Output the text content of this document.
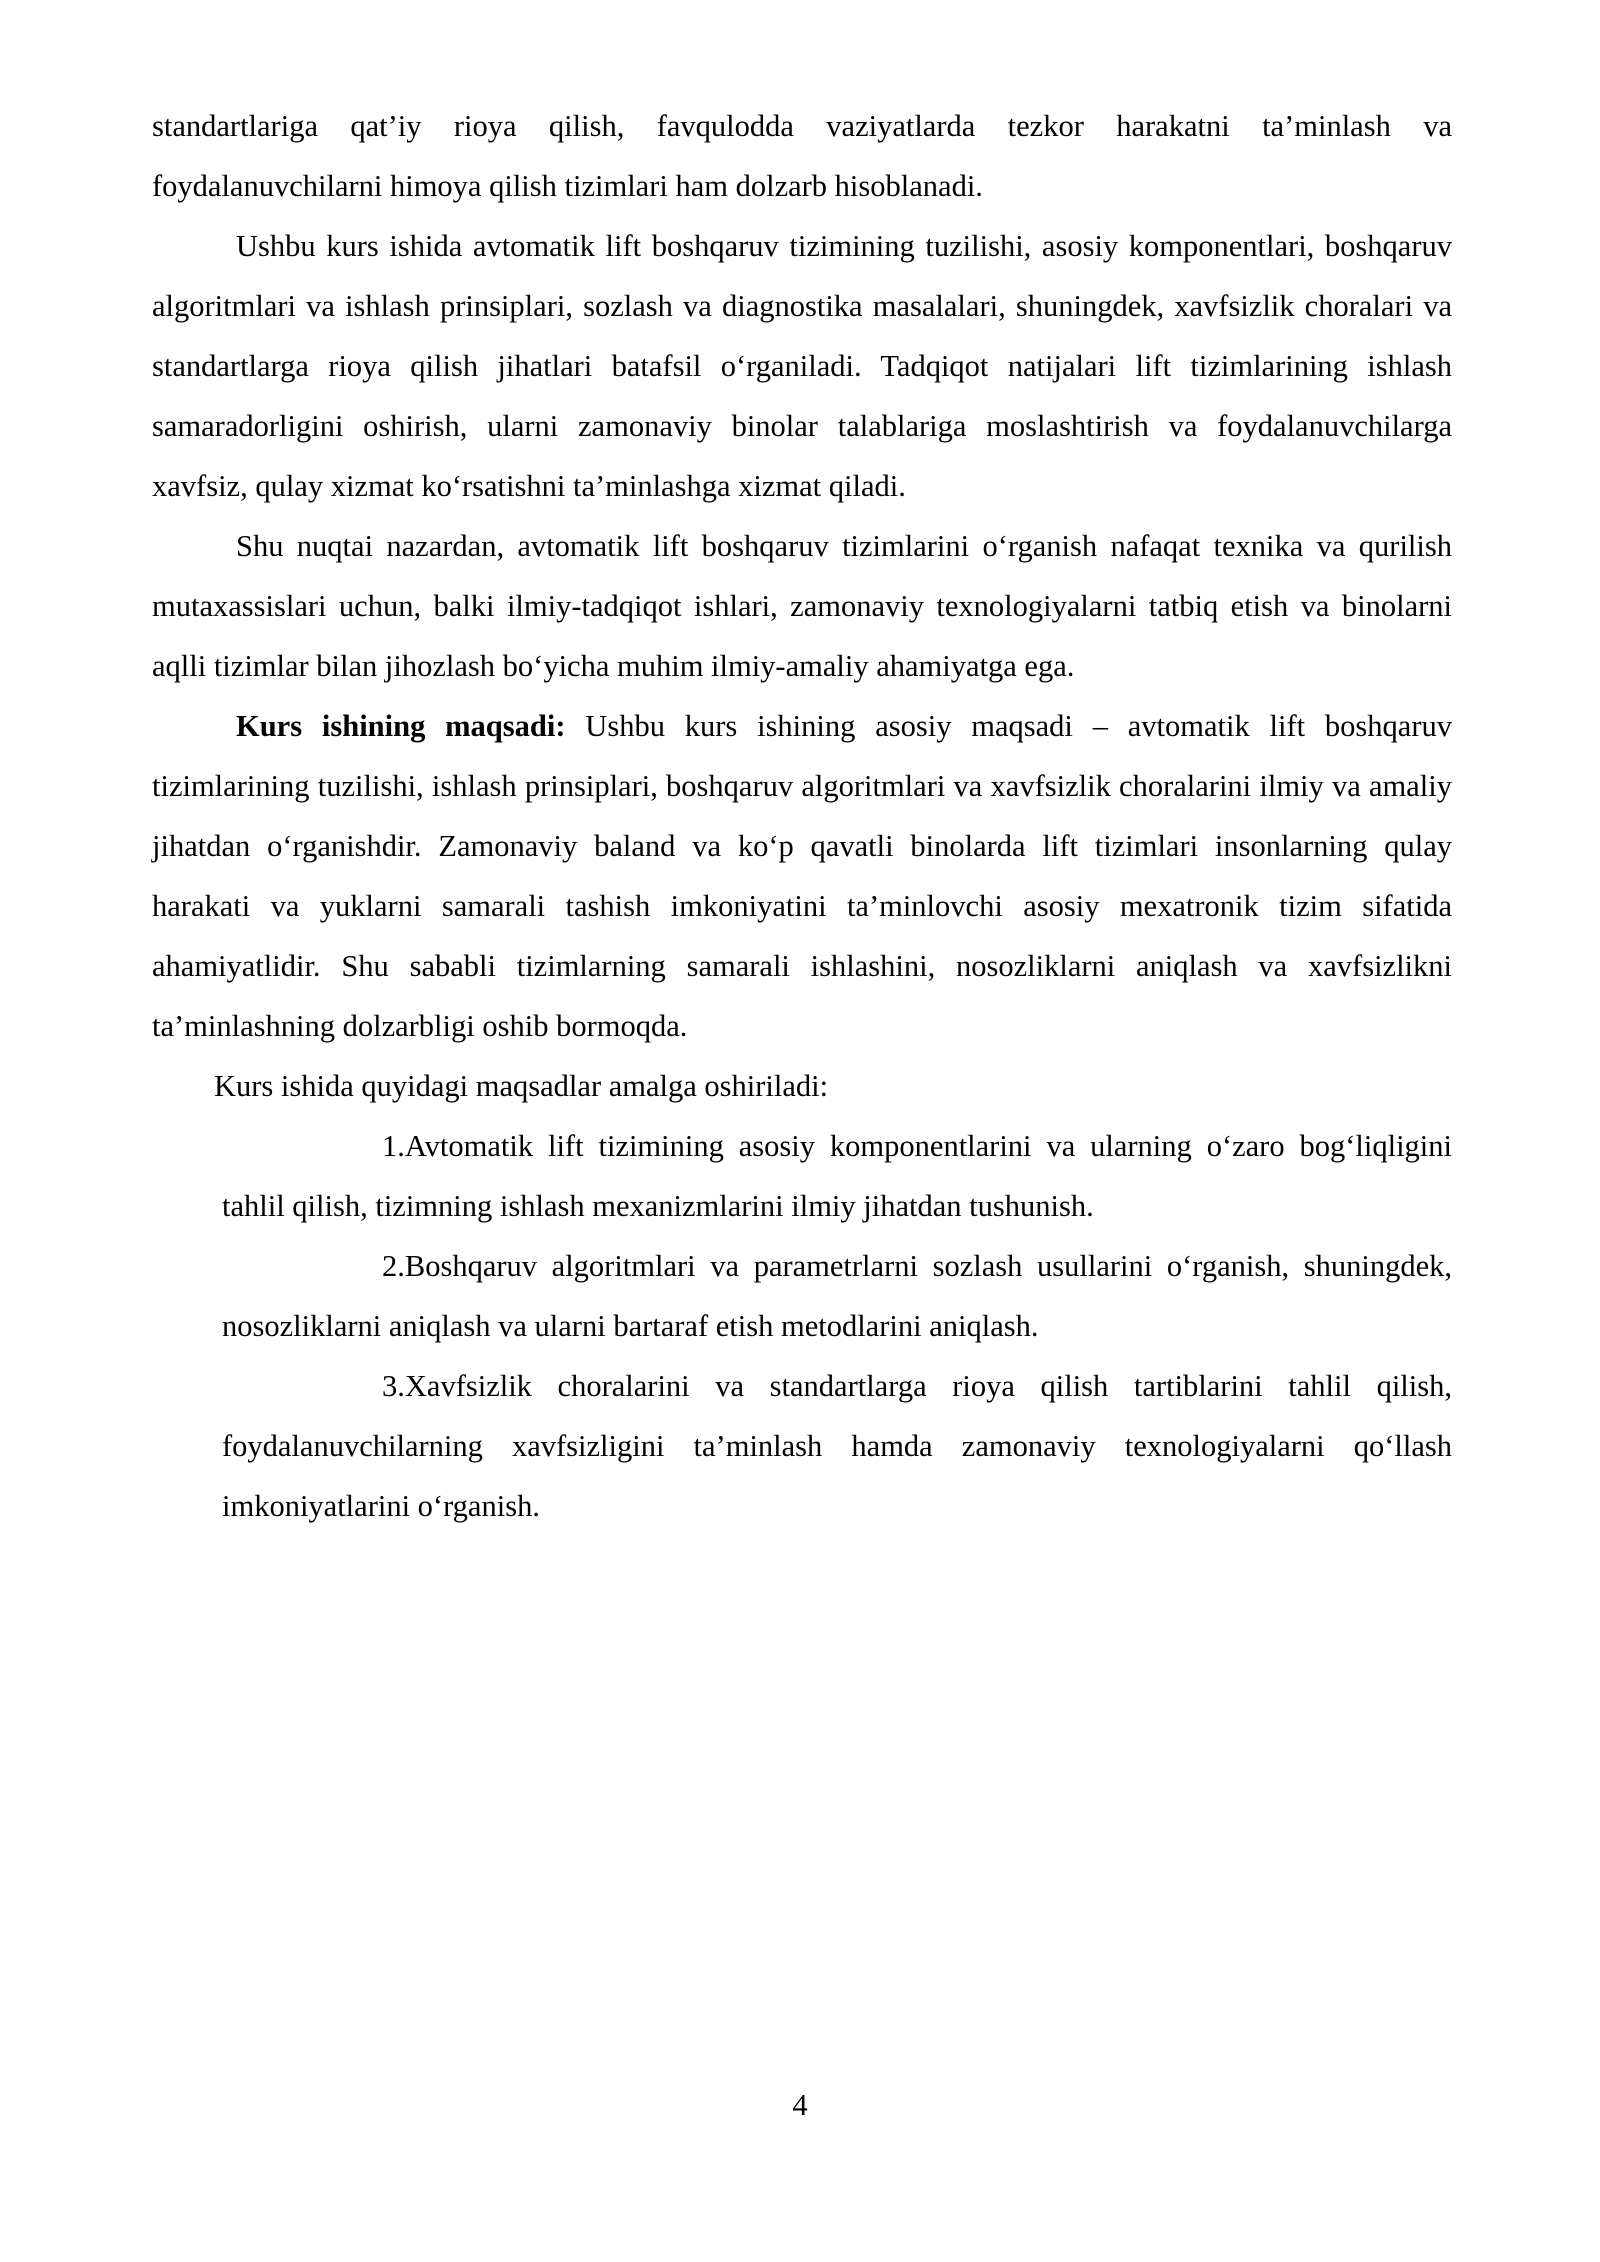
standartlariga qat’iy rioya qilish, favqulodda vaziyatlarda tezkor harakatni ta’minlash va foydalanuvchilarni himoya qilish tizimlari ham dolzarb hisoblanadi.

Ushbu kurs ishida avtomatik lift boshqaruv tizimining tuzilishi, asosiy komponentlari, boshqaruv algoritmlari va ishlash prinsiplari, sozlash va diagnostika masalalari, shuningdek, xavfsizlik choralari va standartlarga rioya qilish jihatlari batafsil o‘rganiladi. Tadqiqot natijalari lift tizimlarining ishlash samaradorligini oshirish, ularni zamonaviy binolar talablariga moslashtirish va foydalanuvchilarga xavfsiz, qulay xizmat ko‘rsatishni ta’minlashga xizmat qiladi.

Shu nuqtai nazardan, avtomatik lift boshqaruv tizimlarini o‘rganish nafaqat texnika va qurilish mutaxassislari uchun, balki ilmiy-tadqiqot ishlari, zamonaviy texnologiyalarni tatbiq etish va binolarni aqlli tizimlar bilan jihozlash bo‘yicha muhim ilmiy-amaliy ahamiyatga ega.

Kurs ishining maqsadi: Ushbu kurs ishining asosiy maqsadi – avtomatik lift boshqaruv tizimlarining tuzilishi, ishlash prinsiplari, boshqaruv algoritmlari va xavfsizlik choralarini ilmiy va amaliy jihatdan o‘rganishdir. Zamonaviy baland va ko‘p qavatli binolarda lift tizimlari insonlarning qulay harakati va yuklarni samarali tashish imkoniyatini ta’minlovchi asosiy mexatronik tizim sifatida ahamiyatlidir. Shu sababli tizimlarning samarali ishlashini, nosozliklarni aniqlash va xavfsizlikni ta’minlashning dolzarbligi oshib bormoqda.

Kurs ishida quyidagi maqsadlar amalga oshiriladi:

1.Avtomatik lift tizimining asosiy komponentlarini va ularning o‘zaro bog‘liqligini tahlil qilish, tizimning ishlash mexanizmlarini ilmiy jihatdan tushunish.

2.Boshqaruv algoritmlari va parametrlarni sozlash usullarini o‘rganish, shuningdek, nosozliklarni aniqlash va ularni bartaraf etish metodlarini aniqlash.

3.Xavfsizlik choralarini va standartlarga rioya qilish tartiblarini tahlil qilish, foydalanuvchilarning xavfsizligini ta’minlash hamda zamonaviy texnologiyalarni qo‘llash imkoniyatlarini o‘rganish.

4
